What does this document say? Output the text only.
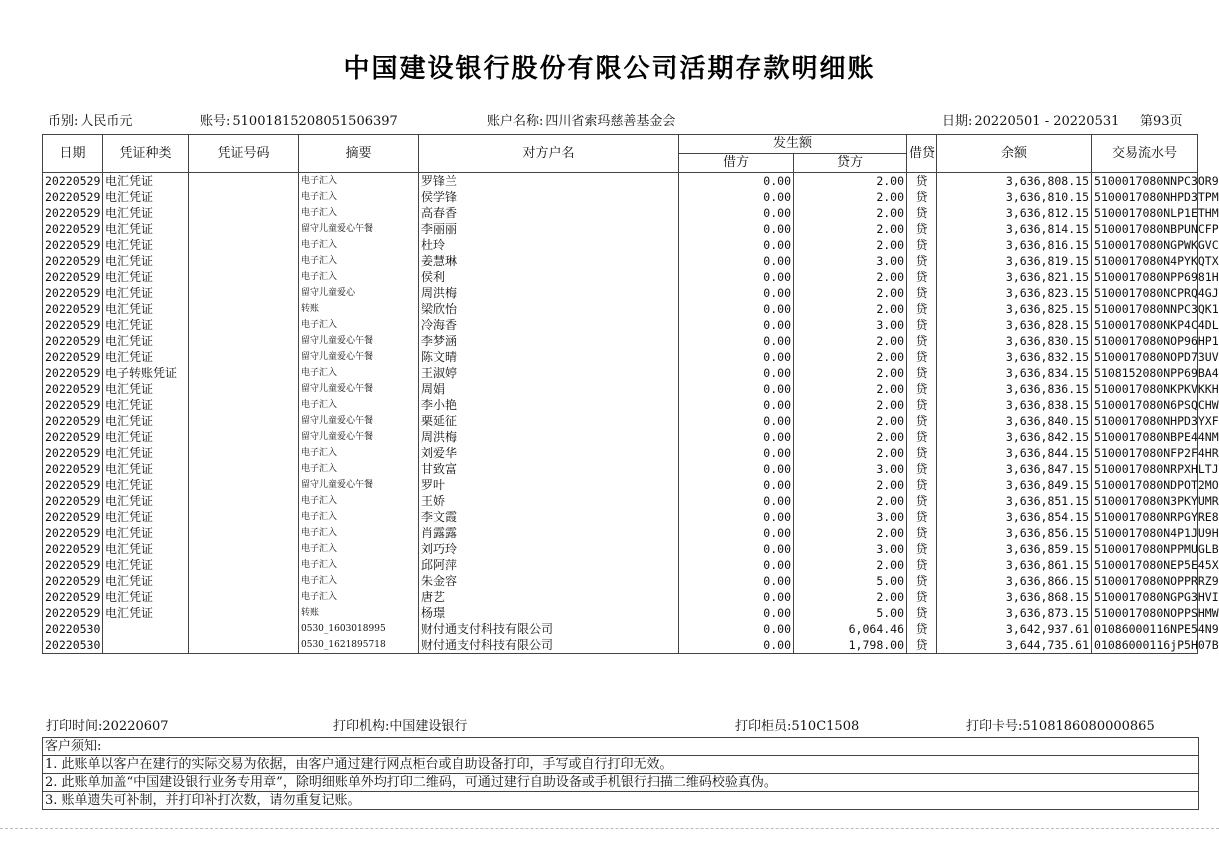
中国建设银行股份有限公司活期存款明细账
币别: 人民币元	账号: 51001815208051506397	账户名称: 四川省索玛慈善基金会	日期: 20220501 - 20220531 第93页
日期	凭证种类	凭证号码	摘要	对方户名	发生额		借贷	余额	交易流水号
					借方	贷方			
20220529	电汇凭证		电子汇入	罗锋兰	0.00	2.00	贷	3,636,808.15	5100017080NNPC3OR9
20220529	电汇凭证		电子汇入	侯学锋	0.00	2.00	贷	3,636,810.15	5100017080NHPD3TPM
20220529	电汇凭证		电子汇入	高春香	0.00	2.00	贷	3,636,812.15	5100017080NLP1ETHM
20220529	电汇凭证		留守儿童爱心午餐	李丽丽	0.00	2.00	贷	3,636,814.15	5100017080NBPUNCFP
20220529	电汇凭证		电子汇入	杜玲	0.00	2.00	贷	3,636,816.15	5100017080NGPWKGVC
20220529	电汇凭证		电子汇入	姜慧琳	0.00	3.00	贷	3,636,819.15	5100017080N4PYKQTX
20220529	电汇凭证		电子汇入	侯利	0.00	2.00	贷	3,636,821.15	5100017080NPP6981H
20220529	电汇凭证		留守儿童爱心	周洪梅	0.00	2.00	贷	3,636,823.15	5100017080NCPRQ4GJ
20220529	电汇凭证		转账	梁欣怡	0.00	2.00	贷	3,636,825.15	5100017080NNPC3QK1
20220529	电汇凭证		电子汇入	冷海香	0.00	3.00	贷	3,636,828.15	5100017080NKP4C4DL
20220529	电汇凭证		留守儿童爱心午餐	李梦涵	0.00	2.00	贷	3,636,830.15	5100017080NOP96HP1
20220529	电汇凭证		留守儿童爱心午餐	陈文晴	0.00	2.00	贷	3,636,832.15	5100017080NOPD73UV
20220529	电子转账凭证		电子汇入	王淑婷	0.00	2.00	贷	3,636,834.15	5108152080NPP69BA4
20220529	电汇凭证		留守儿童爱心午餐	周娟	0.00	2.00	贷	3,636,836.15	5100017080NKPKVKKH
20220529	电汇凭证		电子汇入	李小艳	0.00	2.00	贷	3,636,838.15	5100017080N6PSQCHW
20220529	电汇凭证		留守儿童爱心午餐	栗延征	0.00	2.00	贷	3,636,840.15	5100017080NHPD3YXF
20220529	电汇凭证		留守儿童爱心午餐	周洪梅	0.00	2.00	贷	3,636,842.15	5100017080NBPE44NM
20220529	电汇凭证		电子汇入	刘爱华	0.00	2.00	贷	3,636,844.15	5100017080NFP2F4HR
20220529	电汇凭证		电子汇入	甘致富	0.00	3.00	贷	3,636,847.15	5100017080NRPXHLTJ
20220529	电汇凭证		留守儿童爱心午餐	罗叶	0.00	2.00	贷	3,636,849.15	5100017080NDPOT2MO
20220529	电汇凭证		电子汇入	王娇	0.00	2.00	贷	3,636,851.15	5100017080N3PKYUMR
20220529	电汇凭证		电子汇入	李文霞	0.00	3.00	贷	3,636,854.15	5100017080NRPGYRE8
20220529	电汇凭证		电子汇入	肖露露	0.00	2.00	贷	3,636,856.15	5100017080N4P1JU9H
20220529	电汇凭证		电子汇入	刘巧玲	0.00	3.00	贷	3,636,859.15	5100017080NPPMUGLB
20220529	电汇凭证		电子汇入	邱阿萍	0.00	2.00	贷	3,636,861.15	5100017080NEP5E45X
20220529	电汇凭证		电子汇入	朱金容	0.00	5.00	贷	3,636,866.15	5100017080NOPPRRZ9
20220529	电汇凭证		电子汇入	唐艺	0.00	2.00	贷	3,636,868.15	5100017080NGPG3HVI
20220529	电汇凭证		转账	杨璟	0.00	5.00	贷	3,636,873.15	5100017080NOPPSHMW
20220530			0530_1603018995	财付通支付科技有限公司	0.00	6,064.46	贷	3,642,937.61	01086000116NPE54N9
20220530			0530_1621895718	财付通支付科技有限公司	0.00	1,798.00	贷	3,644,735.61	01086000116jP5H07B
打印时间:20220607	打印机构:中国建设银行	打印柜员:510C1508	打印卡号:5108186080000865
客户须知:
1. 此账单以客户在建行的实际交易为依据，由客户通过建行网点柜台或自助设备打印，手写或自行打印无效。
2. 此账单加盖“中国建设银行业务专用章”，除明细账单外均打印二维码，可通过建行自助设备或手机银行扫描二维码校验真伪。
3. 账单遗失可补制，并打印补打次数，请勿重复记账。
